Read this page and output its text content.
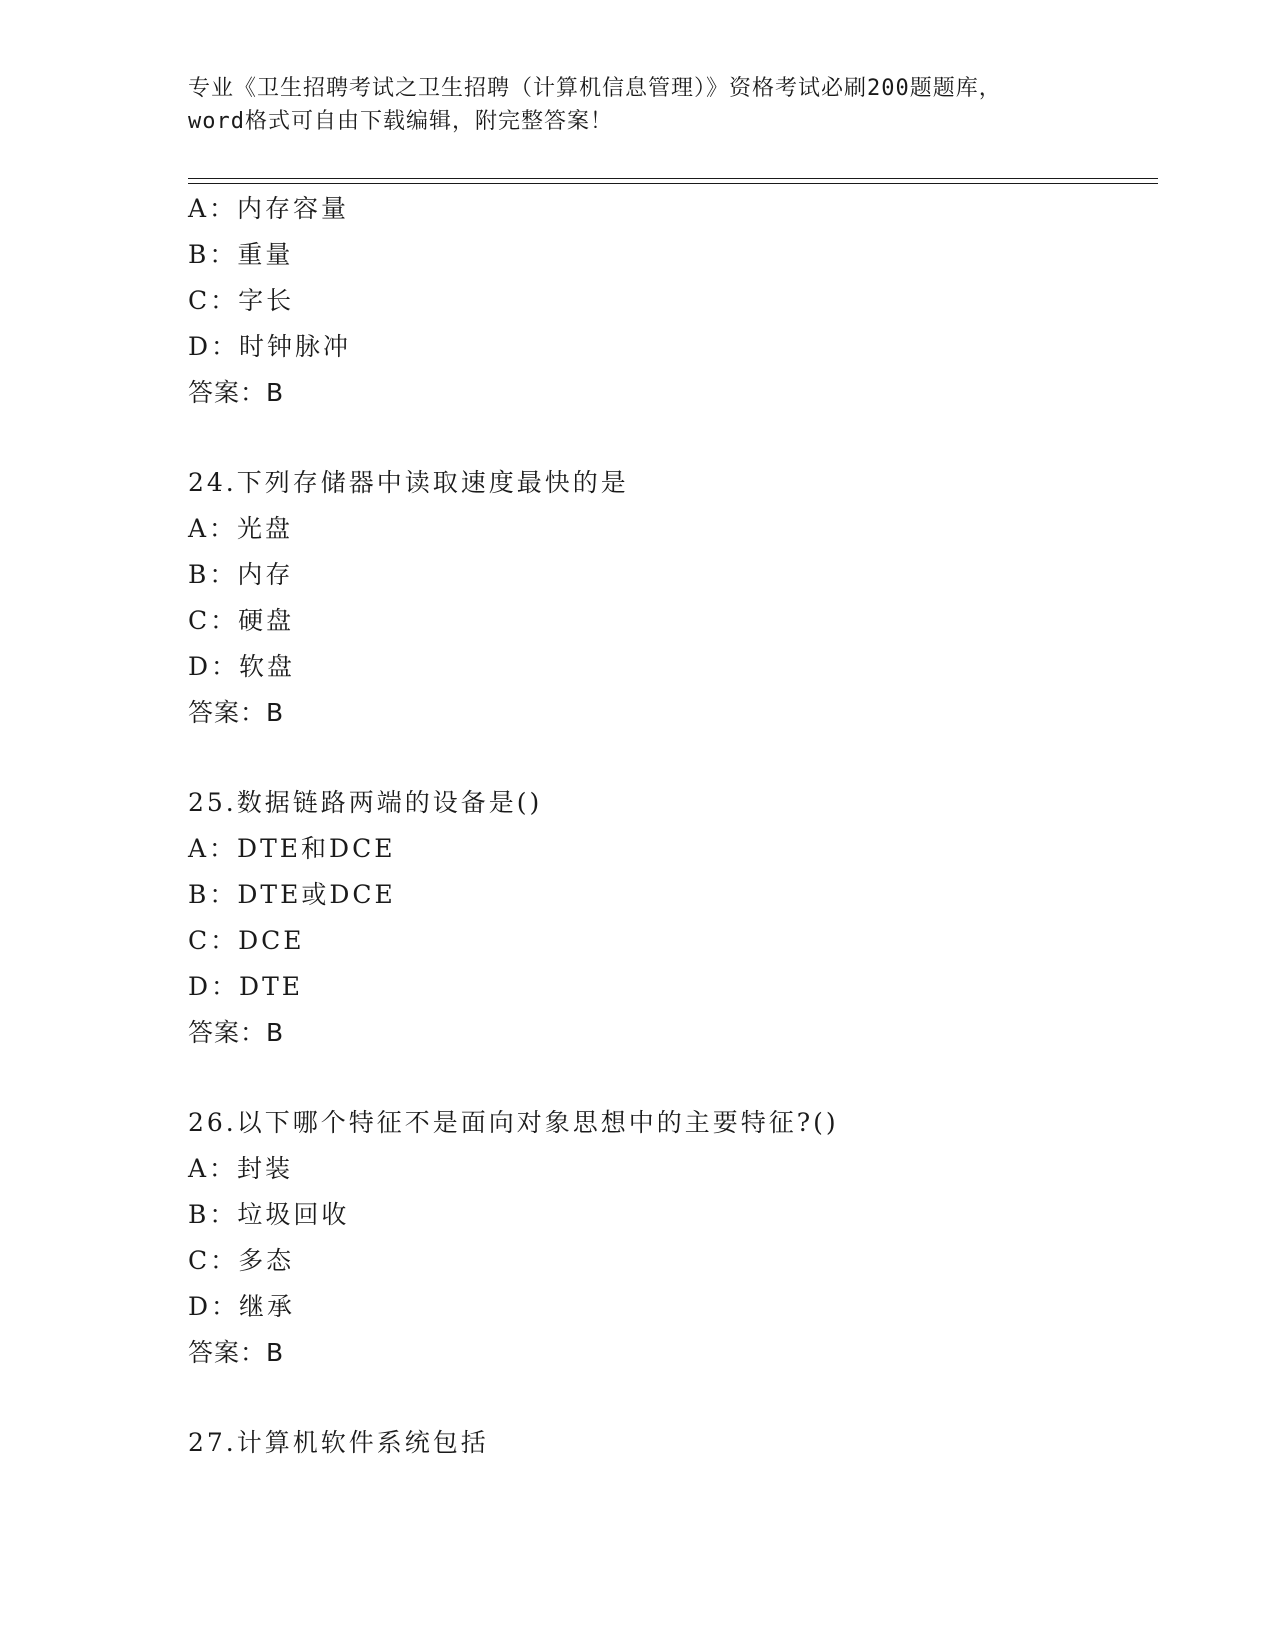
专业《卫生招聘考试之卫生招聘（计算机信息管理）》资格考试必刷200题题库，
word格式可自由下载编辑，附完整答案！
A：内存容量
B：重量
C：字长
D：时钟脉冲
答案：B
24.下列存储器中读取速度最快的是
A：光盘
B：内存
C：硬盘
D：软盘
答案：B
25.数据链路两端的设备是()
A：DTE和DCE
B：DTE或DCE
C：DCE
D：DTE
答案：B
26.以下哪个特征不是面向对象思想中的主要特征?()
A：封装
B：垃圾回收
C：多态
D：继承
答案：B
27.计算机软件系统包括
